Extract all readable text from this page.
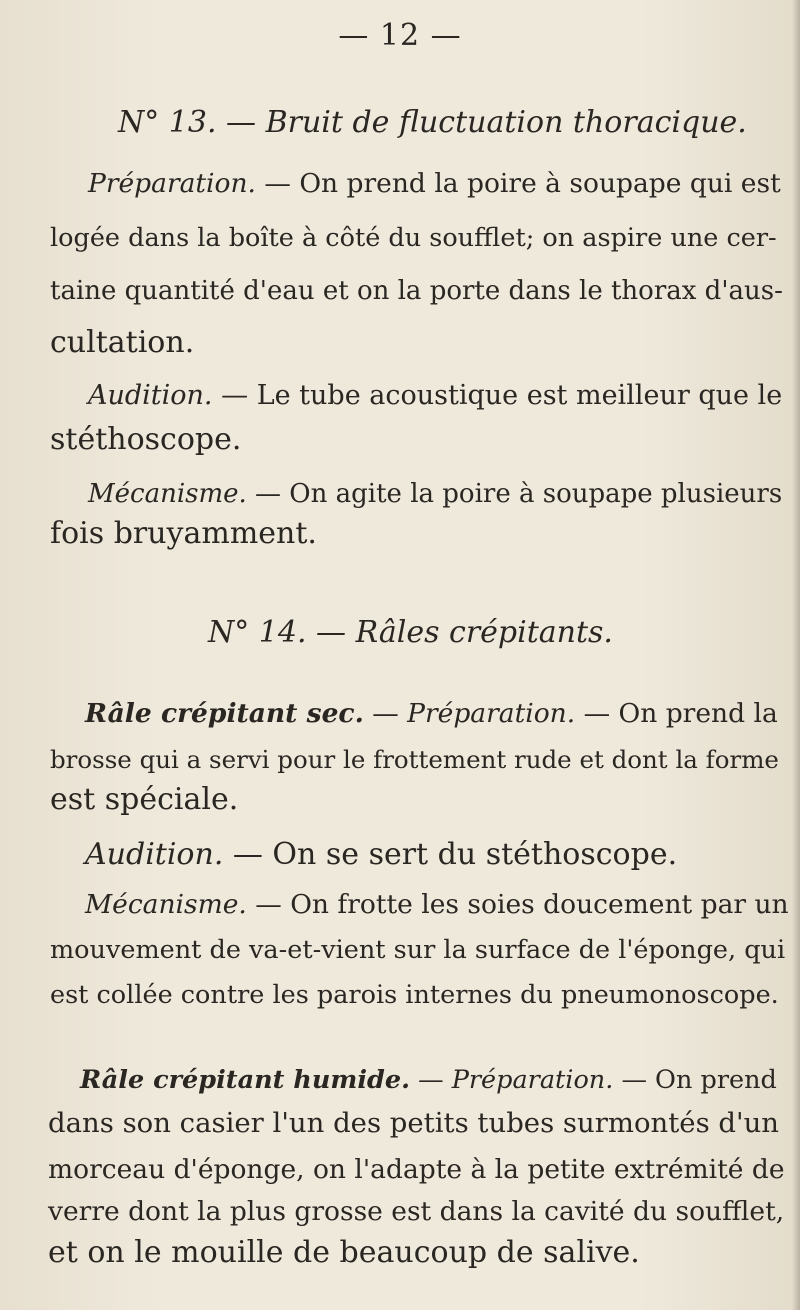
— 12 —
N° 13. — Bruit de fluctuation thoracique.
Préparation. — On prend la poire à soupape qui est
logée dans la boîte à côté du soufflet; on aspire une cer-
taine quantité d'eau et on la porte dans le thorax d'aus-
cultation.
Audition. — Le tube acoustique est meilleur que le
stéthoscope.
Mécanisme. — On agite la poire à soupape plusieurs
fois bruyamment.
N° 14. — Râles crépitants.
Râle crépitant sec. — Préparation. — On prend la
brosse qui a servi pour le frottement rude et dont la forme
est spéciale.
Audition. — On se sert du stéthoscope.
Mécanisme. — On frotte les soies doucement par un
mouvement de va-et-vient sur la surface de l'éponge, qui
est collée contre les parois internes du pneumonoscope.
Râle crépitant humide. — Préparation. — On prend
dans son casier l'un des petits tubes surmontés d'un
morceau d'éponge, on l'adapte à la petite extrémité de
verre dont la plus grosse est dans la cavité du soufflet,
et on le mouille de beaucoup de salive.
